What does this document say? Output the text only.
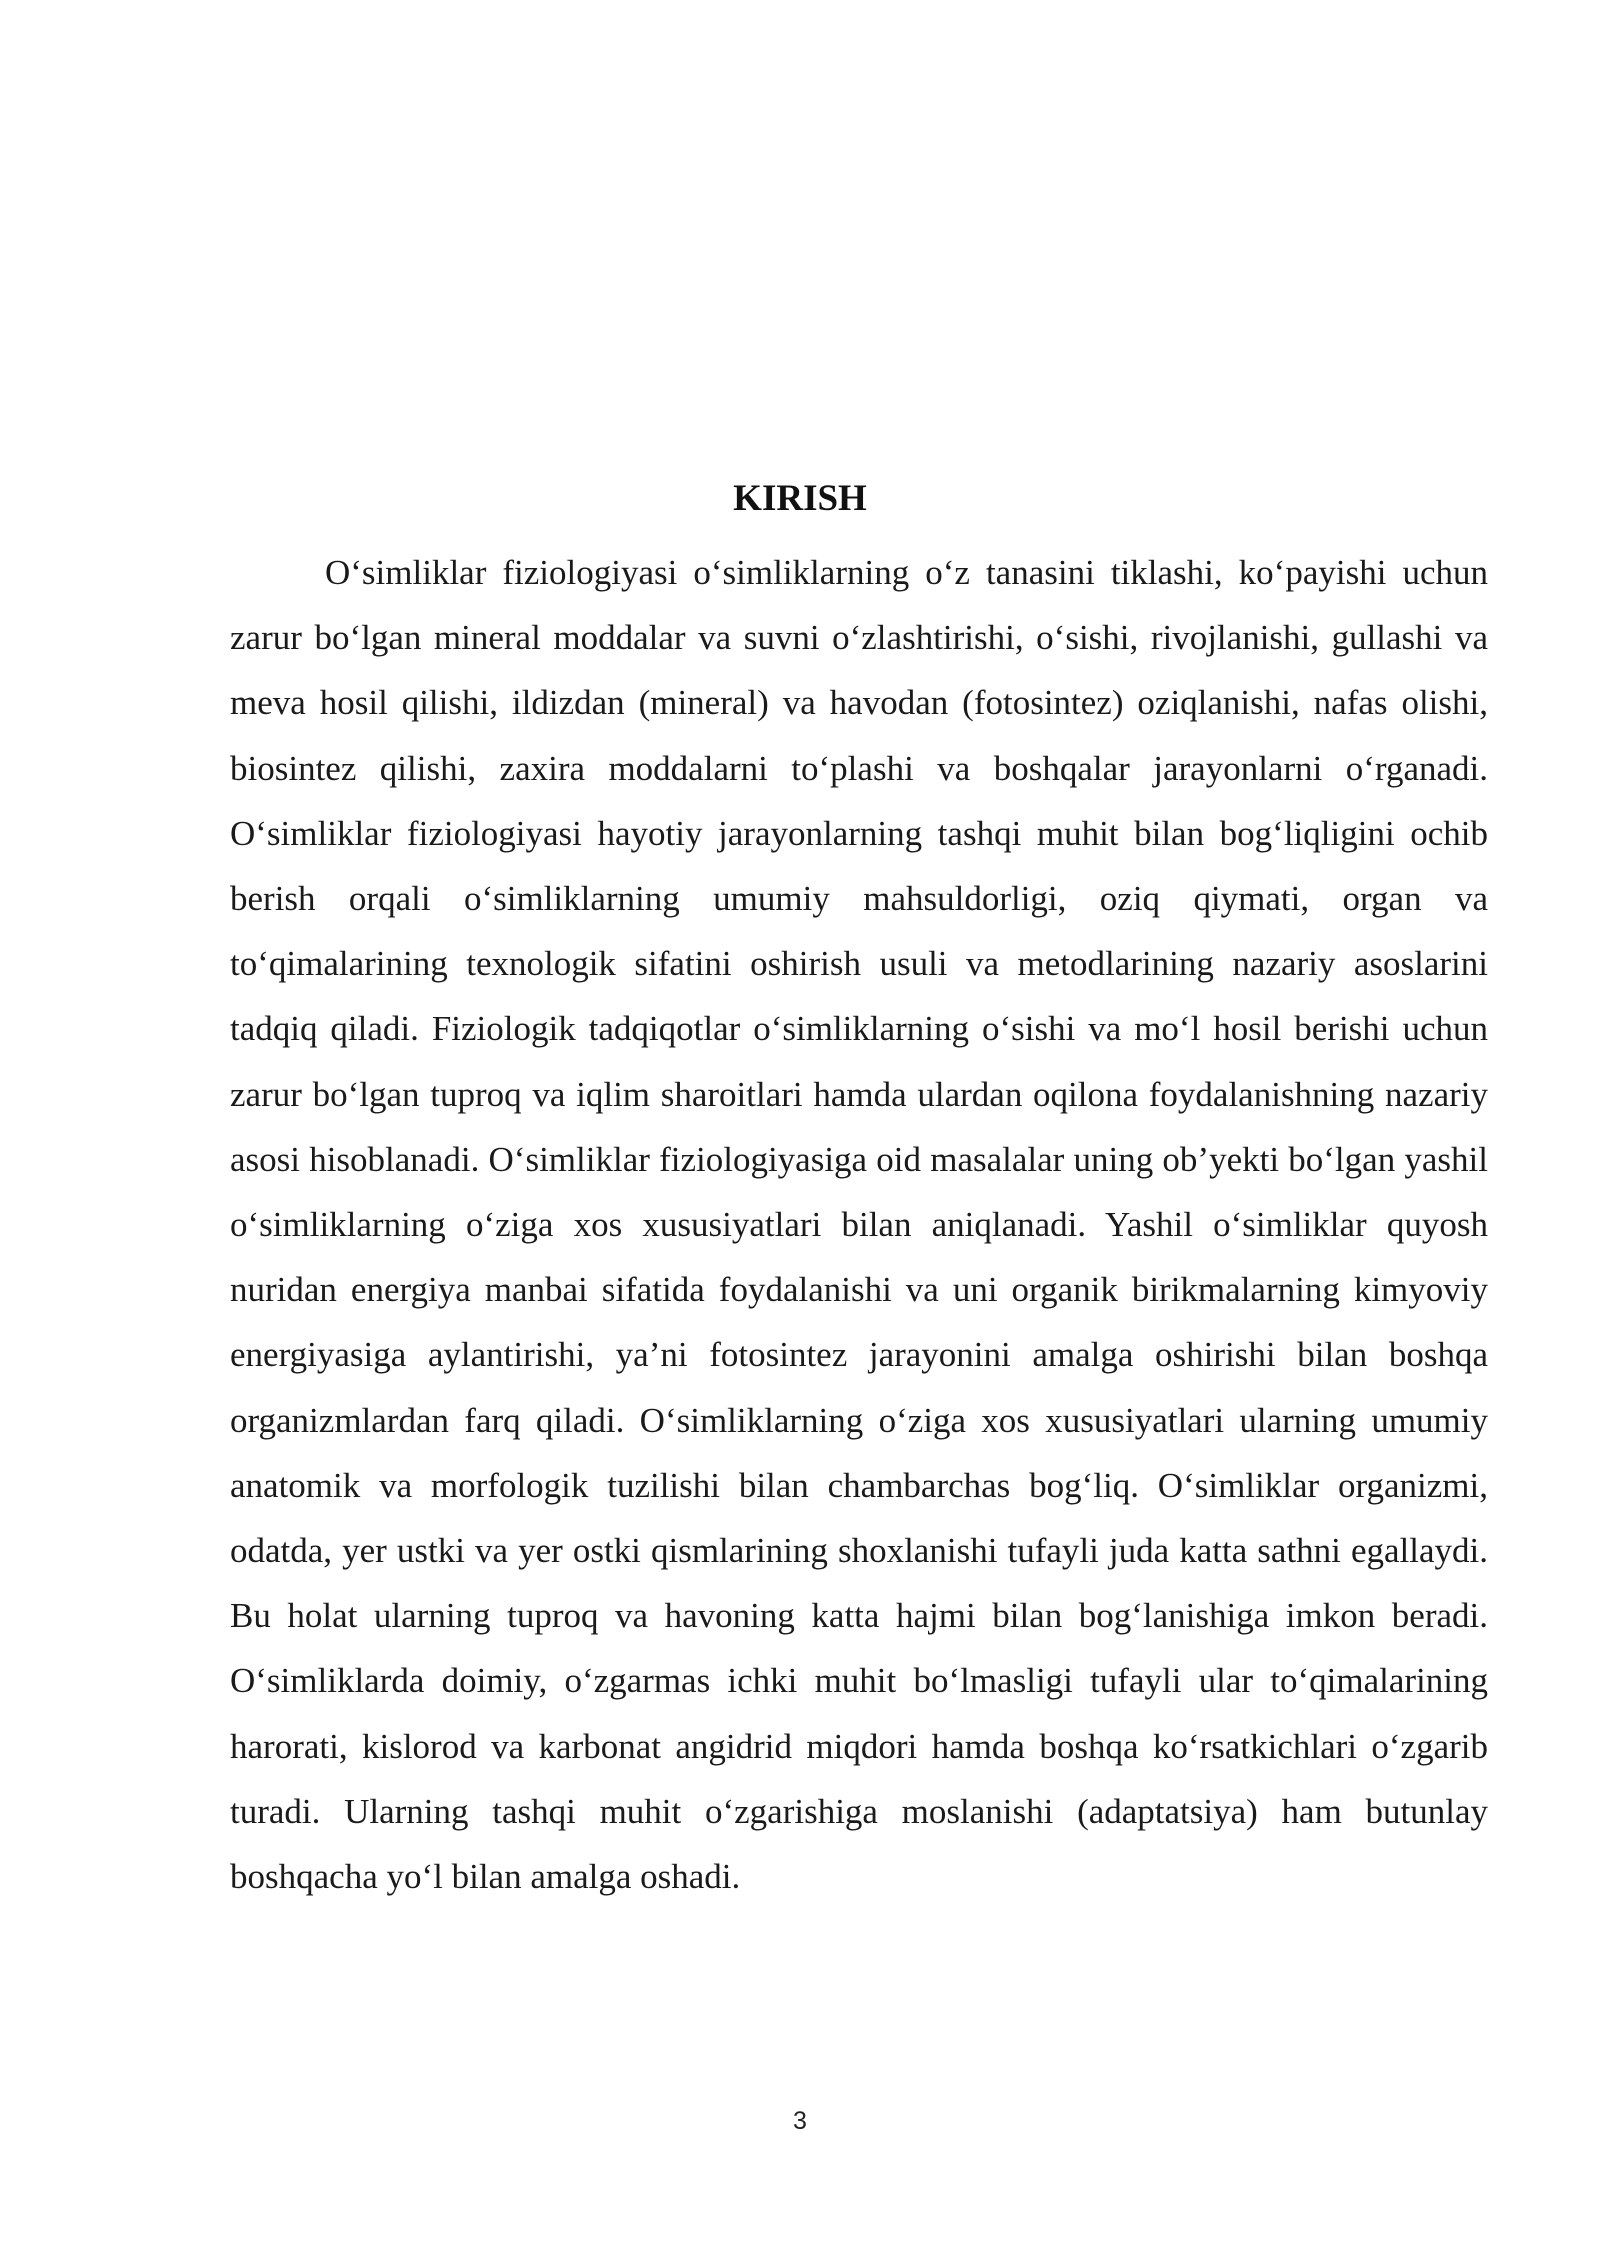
KIRISH

O‘simliklar fiziologiyasi o‘simliklarning o‘z tanasini tiklashi, ko‘payishi uchun zarur bo‘lgan mineral moddalar va suvni o‘zlashtirishi, o‘sishi, rivojlanishi, gullashi va meva hosil qilishi, ildizdan (mineral) va havodan (fotosintez) oziqlanishi, nafas olishi, biosintez qilishi, zaxira moddalarni to‘plashi va boshqalar jarayonlarni o‘rganadi. O‘simliklar fiziologiyasi hayotiy jarayonlarning tashqi muhit bilan bog‘liqligini ochib berish orqali o‘simliklarning umumiy mahsuldorligi, oziq qiymati, organ va to‘qimalarining texnologik sifatini oshirish usuli va metodlarining nazariy asoslarini tadqiq qiladi. Fiziologik tadqiqotlar o‘simliklarning o‘sishi va mo‘l hosil berishi uchun zarur bo‘lgan tuproq va iqlim sharoitlari hamda ulardan oqilona foydalanishning nazariy asosi hisoblanadi. O‘simliklar fiziologiyasiga oid masalalar uning ob’yekti bo‘lgan yashil o‘simliklarning o‘ziga xos xususiyatlari bilan aniqlanadi. Yashil o‘simliklar quyosh nuridan energiya manbai sifatida foydalanishi va uni organik birikmalarning kimyoviy energiyasiga aylantirishi, ya’ni fotosintez jarayonini amalga oshirishi bilan boshqa organizmlardan farq qiladi. O‘simliklarning o‘ziga xos xususiyatlari ularning umumiy anatomik va morfologik tuzilishi bilan chambarchas bog‘liq. O‘simliklar organizmi, odatda, yer ustki va yer ostki qismlarining shoxlanishi tufayli juda katta sathni egallaydi. Bu holat ularning tuproq va havoning katta hajmi bilan bog‘lanishiga imkon beradi. O‘simliklarda doimiy, o‘zgarmas ichki muhit bo‘lmasligi tufayli ular to‘qimalarining harorati, kislorod va karbonat angidrid miqdori hamda boshqa ko‘rsatkichlari o‘zgarib turadi. Ularning tashqi muhit o‘zgarishiga moslanishi (adaptatsiya) ham butunlay boshqacha yo‘l bilan amalga oshadi.

3
